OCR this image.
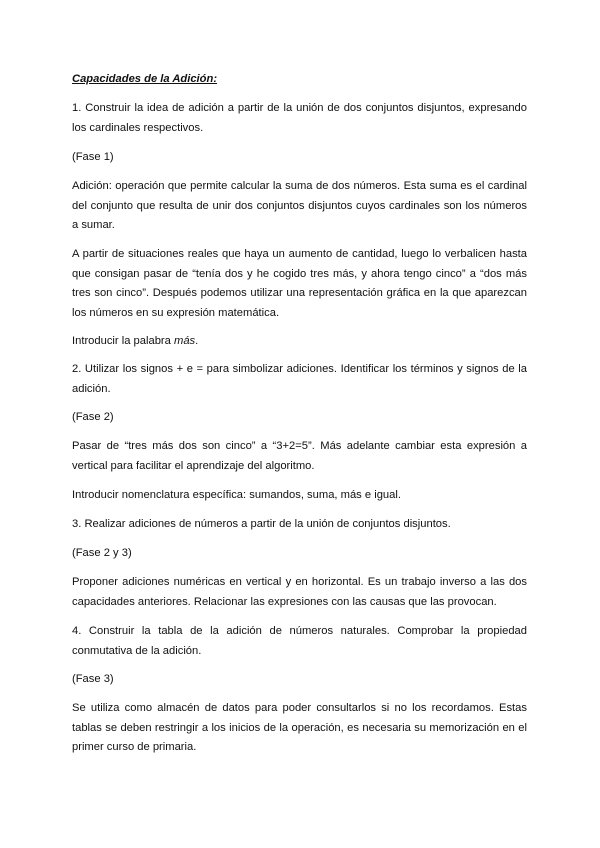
Capacidades de la Adición:

1. Construir la idea de adición a partir de la unión de dos conjuntos disjuntos, expresando los cardinales respectivos.

(Fase 1)

Adición: operación que permite calcular la suma de dos números. Esta suma es el cardinal del conjunto que resulta de unir dos conjuntos disjuntos cuyos cardinales son los números a sumar.

A partir de situaciones reales que haya un aumento de cantidad, luego lo verbalicen hasta que consigan pasar de “tenía dos y he cogido tres más, y ahora tengo cinco” a “dos más tres son cinco”. Después podemos utilizar una representación gráfica en la que aparezcan los números en su expresión matemática.

Introducir la palabra más.

2. Utilizar los signos + e = para simbolizar adiciones. Identificar los términos y signos de la adición.

(Fase 2)

Pasar de “tres más dos son cinco” a “3+2=5”. Más adelante cambiar esta expresión a vertical para facilitar el aprendizaje del algoritmo.

Introducir nomenclatura específica: sumandos, suma, más e igual.

3. Realizar adiciones de números a partir de la unión de conjuntos disjuntos.

(Fase 2 y 3)

Proponer adiciones numéricas en vertical y en horizontal. Es un trabajo inverso a las dos capacidades anteriores. Relacionar las expresiones con las causas que las provocan.

4. Construir la tabla de la adición de números naturales. Comprobar la propiedad conmutativa de la adición.

(Fase 3)

Se utiliza como almacén de datos para poder consultarlos si no los recordamos. Estas tablas se deben restringir a los inicios de la operación, es necesaria su memorización en el primer curso de primaria.
